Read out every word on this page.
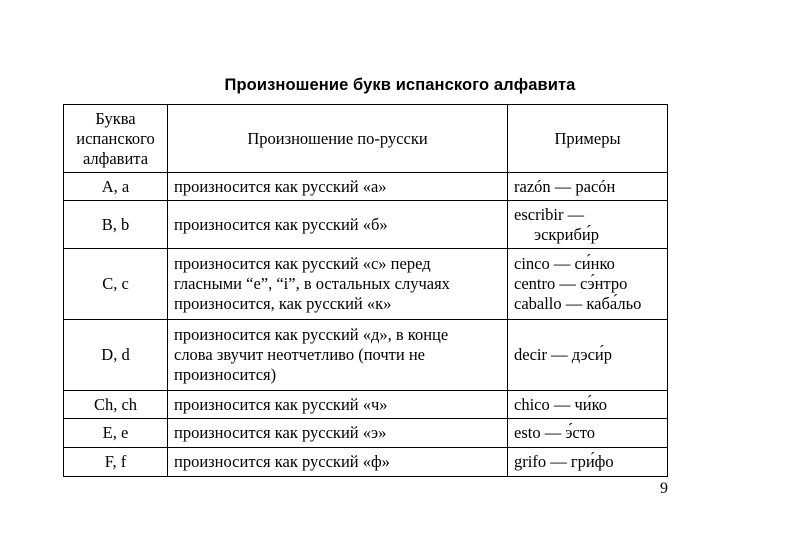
Произношение букв испанского алфавита
Буква
испанского
алфавита	Произношение по-русски	Примеры
A, a	произносится как русский «а»	razón — расóн

B, b	произносится как русский «б»	escribir —
эскриби́р

C, c	произносится как русский «с» перед
гласными “е”, “i”, в остальных случаях
произносится, как русский «к»	cinco — си́нко
centro — сэ́нтро
caballo — каба́льо

D, d	произносится как русский «д», в конце
слова звучит неотчетливо (почти не
произносится)	decir — дэси́р

Ch, ch	произносится как русский «ч»	chico — чи́ко

E, e	произносится как русский «э»	esto — э́сто

F, f	произносится как русский «ф»	grifo — гри́фо
9
